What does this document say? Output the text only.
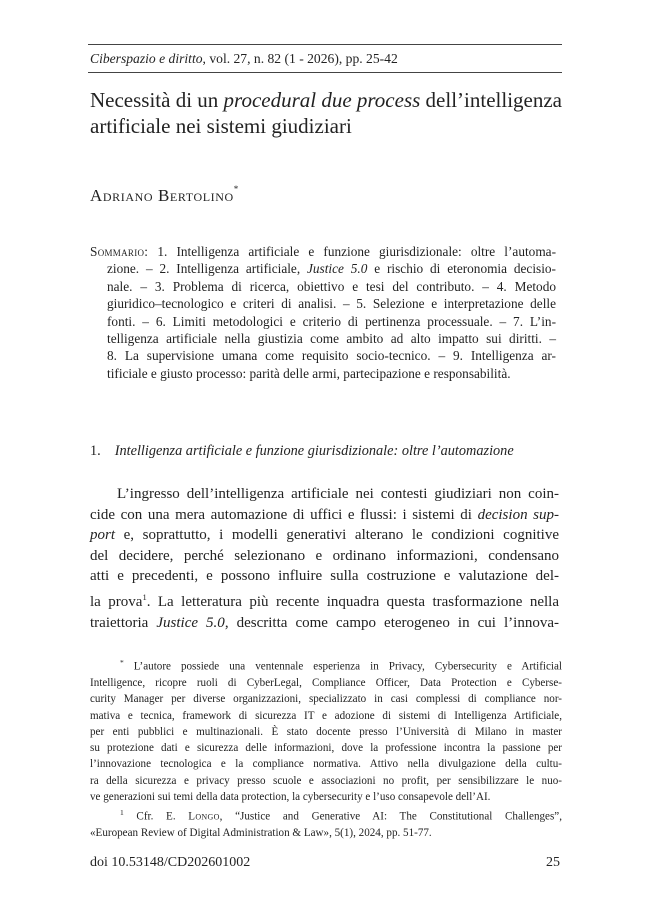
Ciberspazio e diritto, vol. 27, n. 82 (1 - 2026), pp. 25-42
Necessità di un procedural due process dell’intelligenza
artificiale nei sistemi giudiziari
Adriano Bertolino*
Sommario: 1. Intelligenza artificiale e funzione giurisdizionale: oltre l’automa-
zione. – 2. Intelligenza artificiale, Justice 5.0 e rischio di eteronomia decisio-
nale. – 3. Problema di ricerca, obiettivo e tesi del contributo. – 4. Metodo
giuridico–tecnologico e criteri di analisi. – 5. Selezione e interpretazione delle
fonti. – 6. Limiti metodologici e criterio di pertinenza processuale. – 7. L’in-
telligenza artificiale nella giustizia come ambito ad alto impatto sui diritti. –
8. La supervisione umana come requisito socio-tecnico. – 9. Intelligenza ar-
tificiale e giusto processo: parità delle armi, partecipazione e responsabilità.
1. Intelligenza artificiale e funzione giurisdizionale: oltre l’automazione
L’ingresso dell’intelligenza artificiale nei contesti giudiziari non coin-
cide con una mera automazione di uffici e flussi: i sistemi di decision sup-
port e, soprattutto, i modelli generativi alterano le condizioni cognitive
del decidere, perché selezionano e ordinano informazioni, condensano
atti e precedenti, e possono influire sulla costruzione e valutazione del-
la prova$^1$. La letteratura più recente inquadra questa trasformazione nella
traiettoria Justice 5.0, descritta come campo eterogeneo in cui l’innova-
* L’autore possiede una ventennale esperienza in Privacy, Cybersecurity e Artificial
Intelligence, ricopre ruoli di CyberLegal, Compliance Officer, Data Protection e Cyberse-
curity Manager per diverse organizzazioni, specializzato in casi complessi di compliance nor-
mativa e tecnica, framework di sicurezza IT e adozione di sistemi di Intelligenza Artificiale,
per enti pubblici e multinazionali. È stato docente presso l’Università di Milano in master
su protezione dati e sicurezza delle informazioni, dove la professione incontra la passione per
l’innovazione tecnologica e la compliance normativa. Attivo nella divulgazione della cultu-
ra della sicurezza e privacy presso scuole e associazioni no profit, per sensibilizzare le nuo-
ve generazioni sui temi della data protection, la cybersecurity e l’uso consapevole dell’AI.
$^1$ Cfr. E. Longo, “Justice and Generative AI: The Constitutional Challenges”,
«European Review of Digital Administration & Law», 5(1), 2024, pp. 51-77.
doi 10.53148/CD202601002	25
